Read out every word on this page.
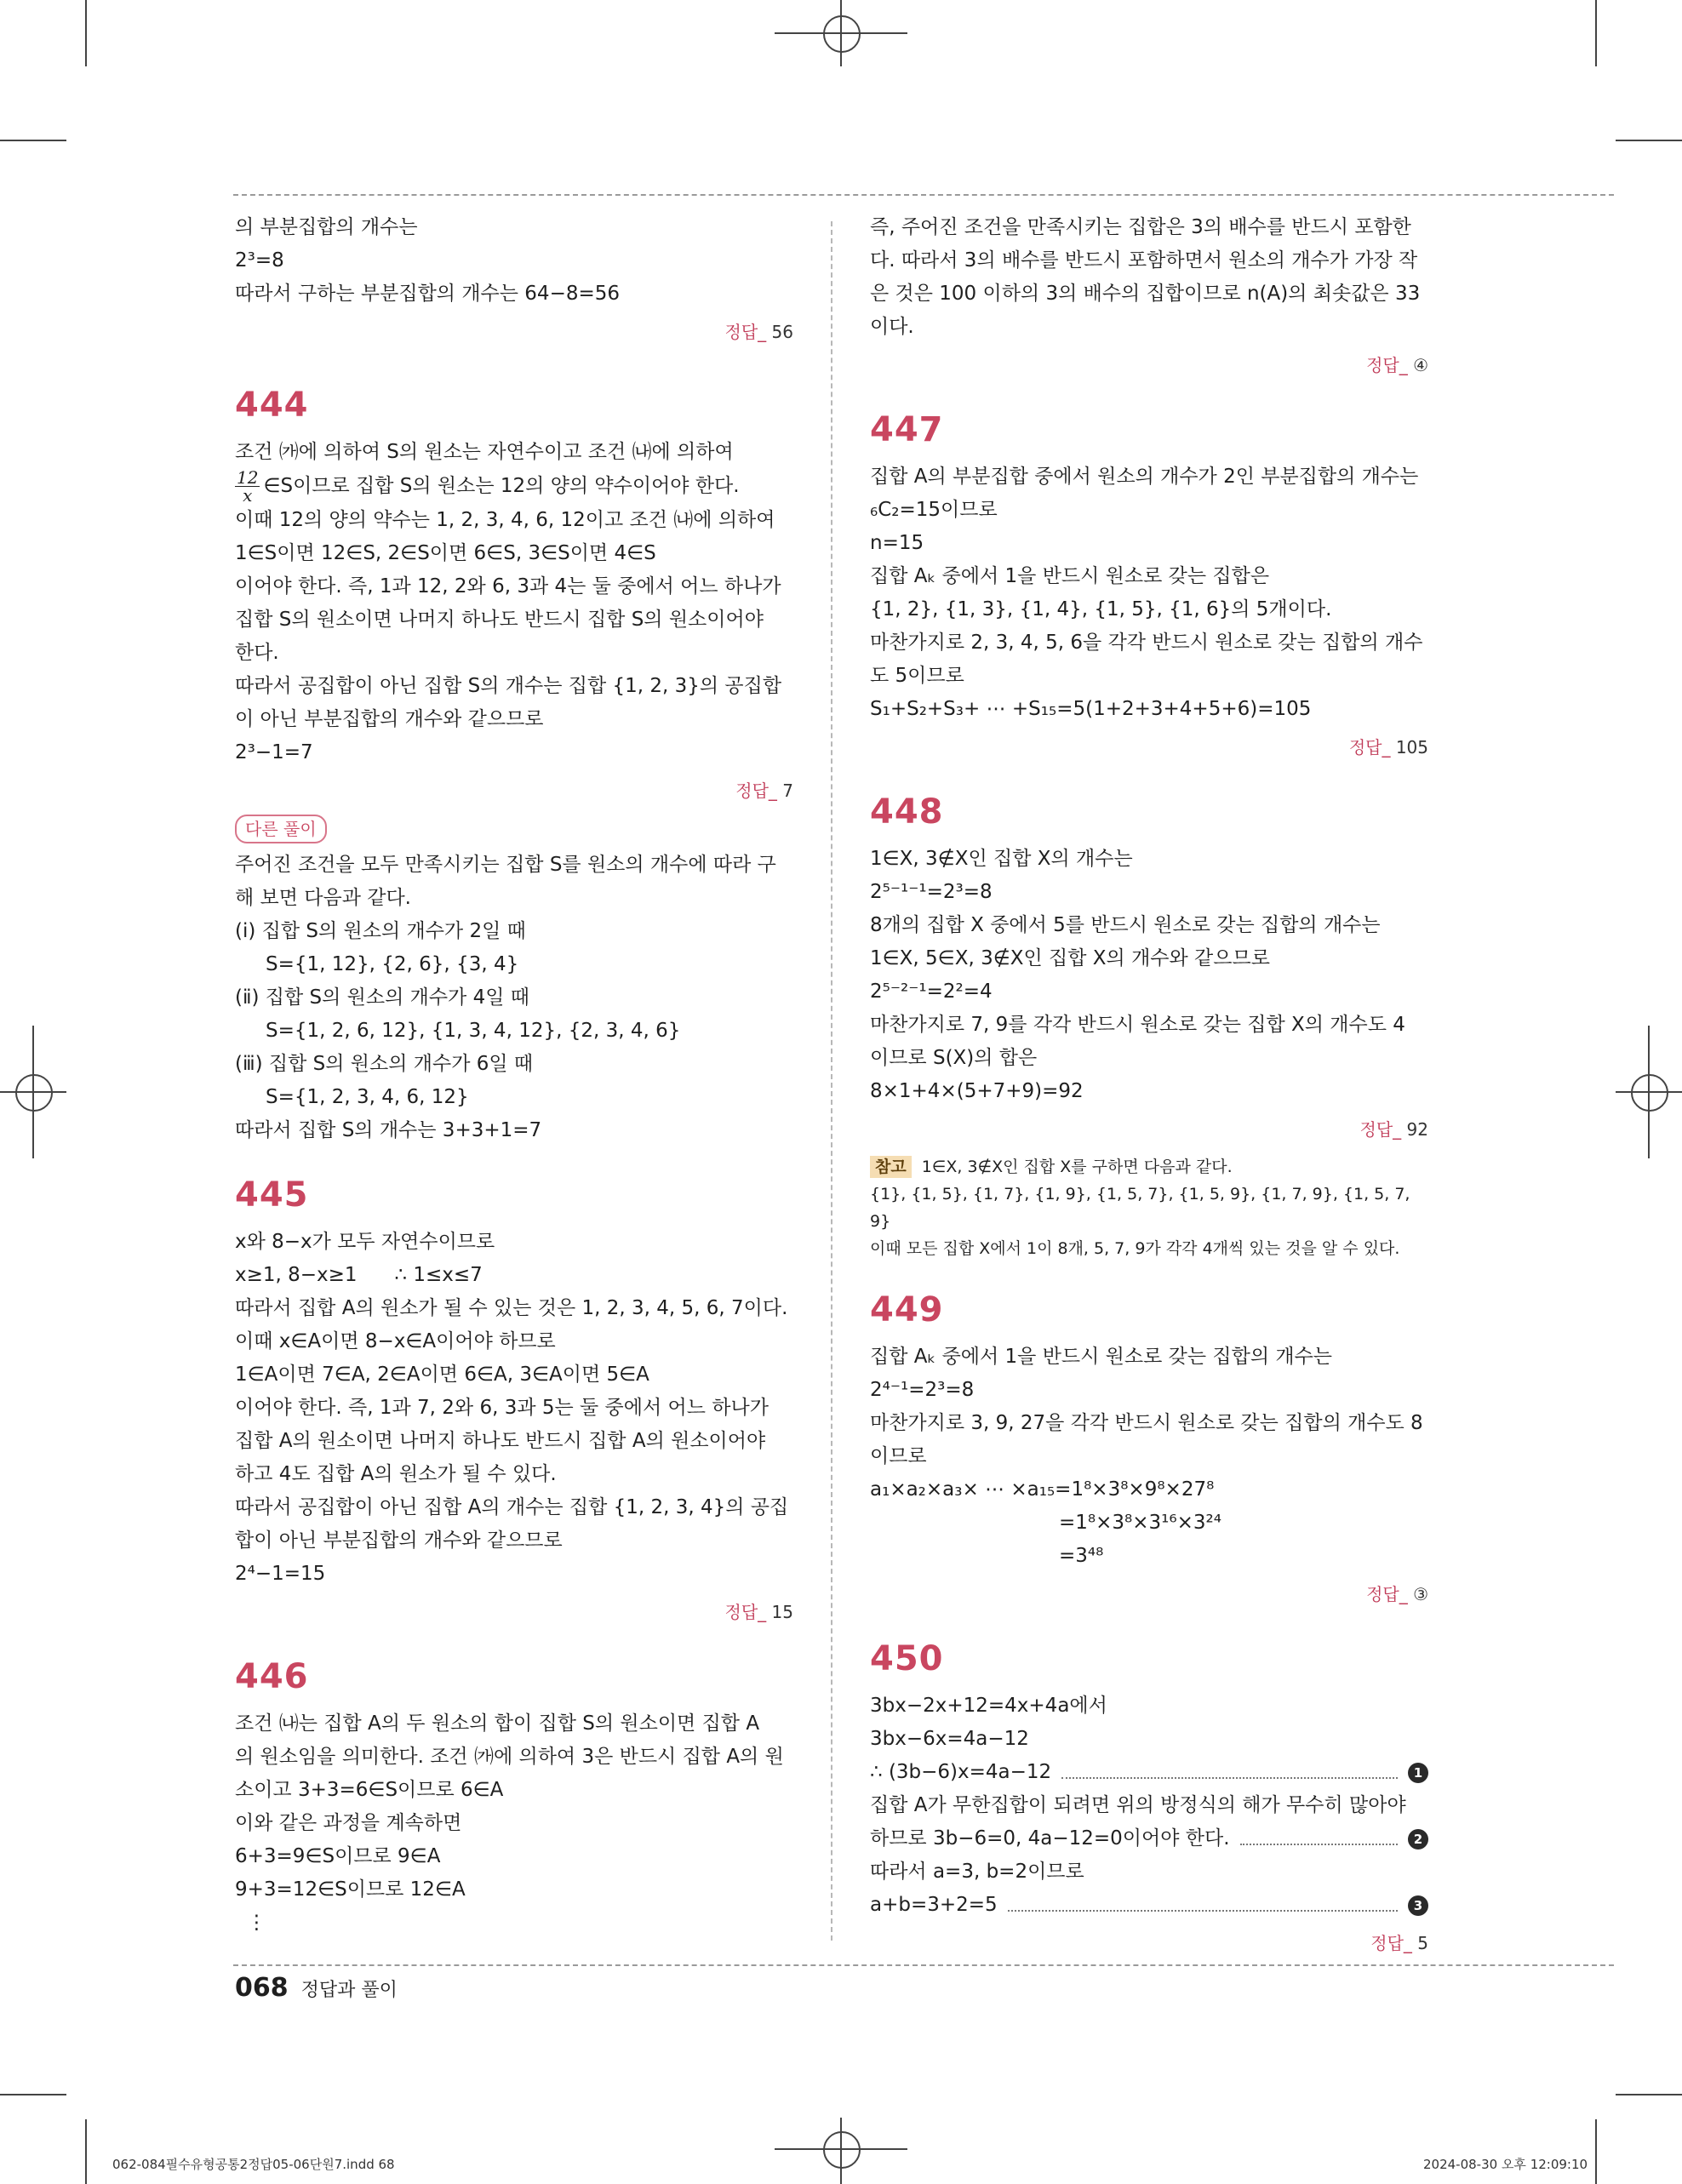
의 부분집합의 개수는

2³=8

따라서 구하는 부분집합의 개수는 64−8=56

정답_ 56
444

조건 ㈎에 의하여 S의 원소는 자연수이고 조건 ㈏에 의하여

$\frac{12}{x}$ ∈S이므로 집합 S의 원소는 12의 양의 약수이어야 한다.

이때 12의 양의 약수는 1, 2, 3, 4, 6, 12이고 조건 ㈏에 의하여

1∈S이면 12∈S, 2∈S이면 6∈S, 3∈S이면 4∈S

이어야 한다. 즉, 1과 12, 2와 6, 3과 4는 둘 중에서 어느 하나가

집합 S의 원소이면 나머지 하나도 반드시 집합 S의 원소이어야

한다.

따라서 공집합이 아닌 집합 S의 개수는 집합 {1, 2, 3}의 공집합

이 아닌 부분집합의 개수와 같으므로

2³−1=7

정답_ 7
다른 풀이

주어진 조건을 모두 만족시키는 집합 S를 원소의 개수에 따라 구

해 보면 다음과 같다.

(ⅰ) 집합 S의 원소의 개수가 2일 때

S={1, 12}, {2, 6}, {3, 4}

(ⅱ) 집합 S의 원소의 개수가 4일 때

S={1, 2, 6, 12}, {1, 3, 4, 12}, {2, 3, 4, 6}

(ⅲ) 집합 S의 원소의 개수가 6일 때

S={1, 2, 3, 4, 6, 12}

따라서 집합 S의 개수는 3+3+1=7

445

x와 8−x가 모두 자연수이므로

x≥1, 8−x≥1      ∴ 1≤x≤7

따라서 집합 A의 원소가 될 수 있는 것은 1, 2, 3, 4, 5, 6, 7이다.

이때 x∈A이면 8−x∈A이어야 하므로

1∈A이면 7∈A, 2∈A이면 6∈A, 3∈A이면 5∈A

이어야 한다. 즉, 1과 7, 2와 6, 3과 5는 둘 중에서 어느 하나가

집합 A의 원소이면 나머지 하나도 반드시 집합 A의 원소이어야

하고 4도 집합 A의 원소가 될 수 있다.

따라서 공집합이 아닌 집합 A의 개수는 집합 {1, 2, 3, 4}의 공집

합이 아닌 부분집합의 개수와 같으므로

2⁴−1=15

정답_ 15
446

조건 ㈏는 집합 A의 두 원소의 합이 집합 S의 원소이면 집합 A

의 원소임을 의미한다. 조건 ㈎에 의하여 3은 반드시 집합 A의 원

소이고 3+3=6∈S이므로 6∈A

이와 같은 과정을 계속하면

6+3=9∈S이므로 9∈A

9+3=12∈S이므로 12∈A

⋮

즉, 주어진 조건을 만족시키는 집합은 3의 배수를 반드시 포함한

다. 따라서 3의 배수를 반드시 포함하면서 원소의 개수가 가장 작

은 것은 100 이하의 3의 배수의 집합이므로 n(A)의 최솟값은 33

이다.

정답_ ④
447

집합 A의 부분집합 중에서 원소의 개수가 2인 부분집합의 개수는

₆C₂=15이므로

n=15

집합 Aₖ 중에서 1을 반드시 원소로 갖는 집합은

{1, 2}, {1, 3}, {1, 4}, {1, 5}, {1, 6}의 5개이다.

마찬가지로 2, 3, 4, 5, 6을 각각 반드시 원소로 갖는 집합의 개수

도 5이므로

S₁+S₂+S₃+ ⋯ +S₁₅=5(1+2+3+4+5+6)=105

정답_ 105
448

1∈X, 3∉X인 집합 X의 개수는

2⁵⁻¹⁻¹=2³=8

8개의 집합 X 중에서 5를 반드시 원소로 갖는 집합의 개수는

1∈X, 5∈X, 3∉X인 집합 X의 개수와 같으므로

2⁵⁻²⁻¹=2²=4

마찬가지로 7, 9를 각각 반드시 원소로 갖는 집합 X의 개수도 4

이므로 S(X)의 합은

8×1+4×(5+7+9)=92

정답_ 92

참고 1∈X, 3∉X인 집합 X를 구하면 다음과 같다.

{1}, {1, 5}, {1, 7}, {1, 9}, {1, 5, 7}, {1, 5, 9}, {1, 7, 9}, {1, 5, 7, 9}

이때 모든 집합 X에서 1이 8개, 5, 7, 9가 각각 4개씩 있는 것을 알 수 있다.

449

집합 Aₖ 중에서 1을 반드시 원소로 갖는 집합의 개수는

2⁴⁻¹=2³=8

마찬가지로 3, 9, 27을 각각 반드시 원소로 갖는 집합의 개수도 8

이므로

a₁×a₂×a₃× ⋯ ×a₁₅=1⁸×3⁸×9⁸×27⁸

=1⁸×3⁸×3¹⁶×3²⁴

=3⁴⁸

정답_ ③
450

3bx−2x+12=4x+4a에서

3bx−6x=4a−12

∴ (3b−6)x=4a−12	1

집합 A가 무한집합이 되려면 위의 방정식의 해가 무수히 많아야

하므로 3b−6=0, 4a−12=0이어야 한다.	2

따라서 a=3, b=2이므로

a+b=3+2=5	3

정답_ 5
068 정답과 풀이
062-084필수유형공통2정답05-06단원7.indd 68	2024-08-30 오후 12:09:10
